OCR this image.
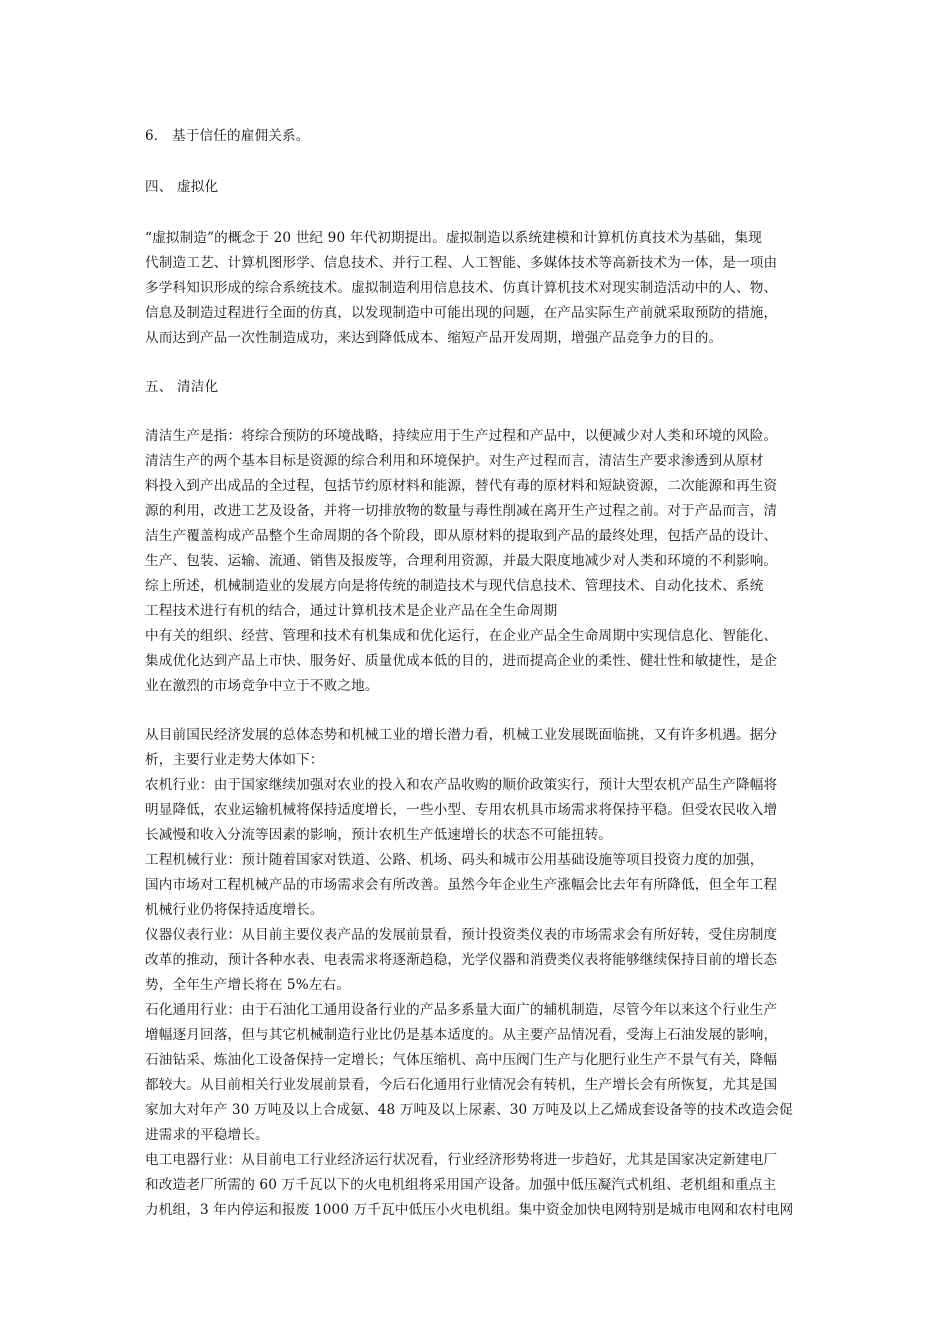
6． 基于信任的雇佣关系。
四、 虚拟化
“虚拟制造”的概念于 20 世纪 90 年代初期提出。虚拟制造以系统建模和计算机仿真技术为基础，集现
代制造工艺、计算机图形学、信息技术、并行工程、人工智能、多媒体技术等高新技术为一体，是一项由
多学科知识形成的综合系统技术。虚拟制造利用信息技术、仿真计算机技术对现实制造活动中的人、物、
信息及制造过程进行全面的仿真，以发现制造中可能出现的问题，在产品实际生产前就采取预防的措施，
从而达到产品一次性制造成功，来达到降低成本、缩短产品开发周期，增强产品竞争力的目的。
五、 清洁化
清洁生产是指：将综合预防的环境战略，持续应用于生产过程和产品中，以便减少对人类和环境的风险。
清洁生产的两个基本目标是资源的综合利用和环境保护。对生产过程而言，清洁生产要求渗透到从原材
料投入到产出成品的全过程，包括节约原材料和能源，替代有毒的原材料和短缺资源，二次能源和再生资
源的利用，改进工艺及设备，并将一切排放物的数量与毒性削减在离开生产过程之前。对于产品而言，清
洁生产覆盖构成产品整个生命周期的各个阶段，即从原材料的提取到产品的最终处理，包括产品的设计、
生产、包装、运输、流通、销售及报废等，合理利用资源，并最大限度地减少对人类和环境的不利影响。
综上所述，机械制造业的发展方向是将传统的制造技术与现代信息技术、管理技术、自动化技术、系统
工程技术进行有机的结合，通过计算机技术是企业产品在全生命周期
中有关的组织、经营、管理和技术有机集成和优化运行，在企业产品全生命周期中实现信息化、智能化、
集成优化达到产品上市快、服务好、质量优成本低的目的，进而提高企业的柔性、健壮性和敏捷性，是企
业在激烈的市场竞争中立于不败之地。
从目前国民经济发展的总体态势和机械工业的增长潜力看，机械工业发展既面临挑，又有许多机遇。据分
析，主要行业走势大体如下：
农机行业：由于国家继续加强对农业的投入和农产品收购的顺价政策实行，预计大型农机产品生产降幅将
明显降低，农业运输机械将保持适度增长，一些小型、专用农机具市场需求将保持平稳。但受农民收入增
长减慢和收入分流等因素的影响，预计农机生产低速增长的状态不可能扭转。
工程机械行业：预计随着国家对铁道、公路、机场、码头和城市公用基础设施等项目投资力度的加强，
国内市场对工程机械产品的市场需求会有所改善。虽然今年企业生产涨幅会比去年有所降低，但全年工程
机械行业仍将保持适度增长。
仪器仪表行业：从目前主要仪表产品的发展前景看，预计投资类仪表的市场需求会有所好转，受住房制度
改革的推动，预计各种水表、电表需求将逐渐趋稳，光学仪器和消费类仪表将能够继续保持目前的增长态
势，全年生产增长将在 5%左右。
石化通用行业：由于石油化工通用设备行业的产品多系量大面广的辅机制造，尽管今年以来这个行业生产
增幅逐月回落，但与其它机械制造行业比仍是基本适度的。从主要产品情况看，受海上石油发展的影响，
石油钻采、炼油化工设备保持一定增长；气体压缩机、高中压阀门生产与化肥行业生产不景气有关，降幅
都较大。从目前相关行业发展前景看，今后石化通用行业情况会有转机，生产增长会有所恢复，尤其是国
家加大对年产 30 万吨及以上合成氨、48 万吨及以上尿素、30 万吨及以上乙烯成套设备等的技术改造会促
进需求的平稳增长。
电工电器行业：从目前电工行业经济运行状况看，行业经济形势将进一步趋好，尤其是国家决定新建电厂
和改造老厂所需的 60 万千瓦以下的火电机组将采用国产设备。加强中低压凝汽式机组、老机组和重点主
力机组，3 年内停运和报废 1000 万千瓦中低压小火电机组。集中资金加快电网特别是城市电网和农村电网
